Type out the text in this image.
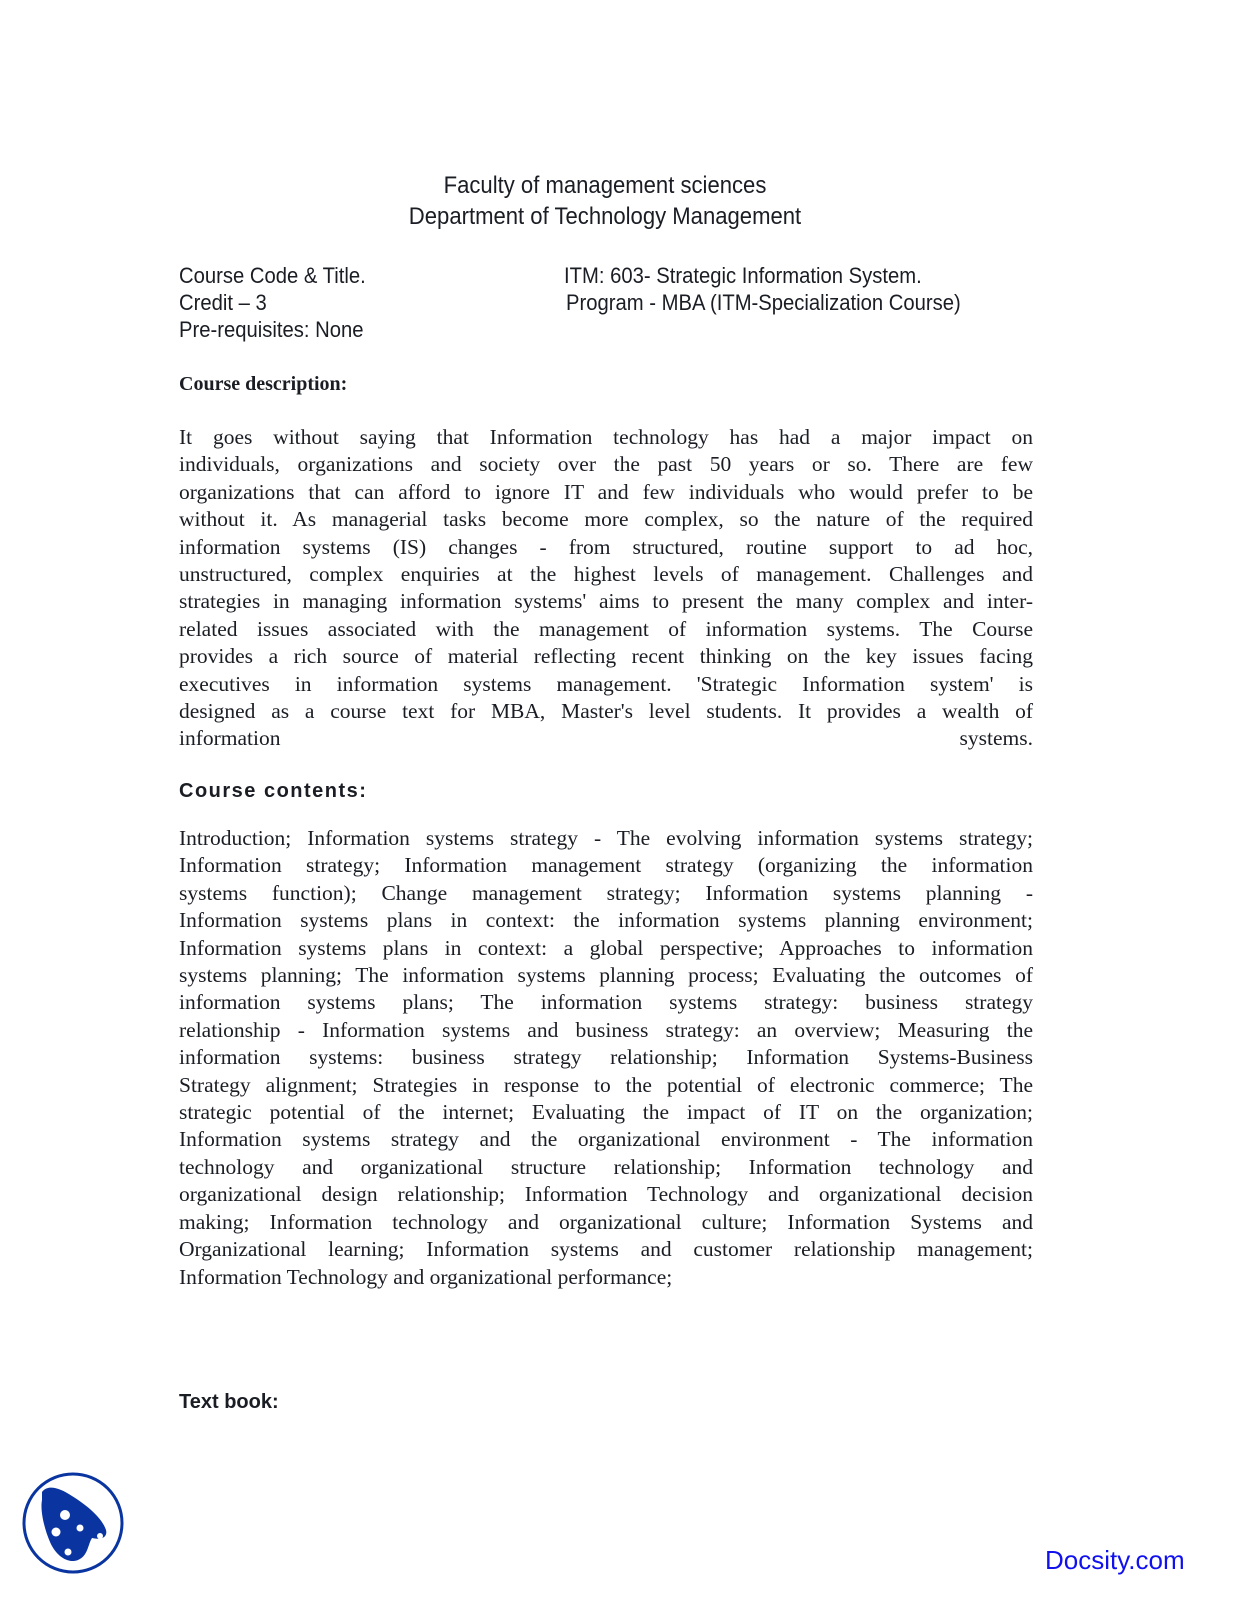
Faculty of management sciences
Department of Technology Management
Course Code & Title.	ITM: 603- Strategic Information System.
Credit – 3	Program - MBA (ITM-Specialization Course)
Pre-requisites: None
Course description:
It goes without saying that Information technology has had a major impact on
individuals, organizations and society over the past 50 years or so. There are few
organizations that can afford to ignore IT and few individuals who would prefer to be
without it. As managerial tasks become more complex, so the nature of the required
information systems (IS) changes - from structured, routine support to ad hoc,
unstructured, complex enquiries at the highest levels of management. Challenges and
strategies in managing information systems' aims to present the many complex and inter-
related issues associated with the management of information systems. The Course
provides a rich source of material reflecting recent thinking on the key issues facing
executives in information systems management. 'Strategic Information system' is
designed as a course text for MBA, Master's level students. It provides a wealth of
information systems.
Course contents:
Introduction; Information systems strategy - The evolving information systems strategy;
Information strategy; Information management strategy (organizing the information
systems function); Change management strategy; Information systems planning -
Information systems plans in context: the information systems planning environment;
Information systems plans in context: a global perspective; Approaches to information
systems planning; The information systems planning process; Evaluating the outcomes of
information systems plans; The information systems strategy: business strategy
relationship - Information systems and business strategy: an overview; Measuring the
information systems: business strategy relationship; Information Systems-Business
Strategy alignment; Strategies in response to the potential of electronic commerce; The
strategic potential of the internet; Evaluating the impact of IT on the organization;
Information systems strategy and the organizational environment - The information
technology and organizational structure relationship; Information technology and
organizational design relationship; Information Technology and organizational decision
making; Information technology and organizational culture; Information Systems and
Organizational learning; Information systems and customer relationship management;
Information Technology and organizational performance;
Text book:
Docsity.com
